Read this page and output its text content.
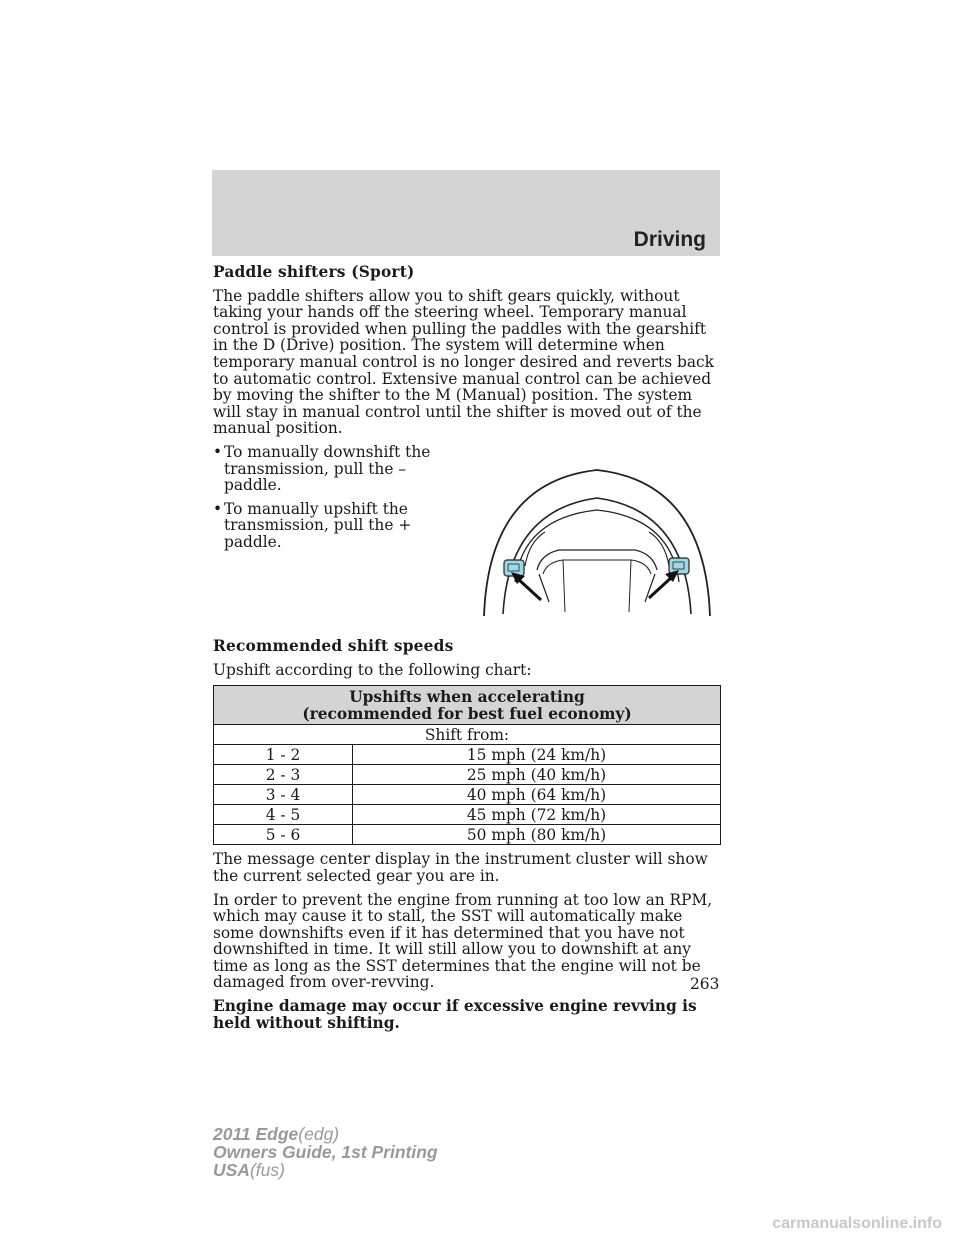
Driving
Paddle shifters (Sport)
The paddle shifters allow you to shift gears quickly, without taking your hands off the steering wheel. Temporary manual control is provided when pulling the paddles with the gearshift in the D (Drive) position. The system will determine when temporary manual control is no longer desired and reverts back to automatic control. Extensive manual control can be achieved by moving the shifter to the M (Manual) position. The system will stay in manual control until the shifter is moved out of the manual position.
• To manually downshift the transmission, pull the – paddle.
• To manually upshift the transmission, pull the + paddle.
Recommended shift speeds
Upshift according to the following chart:
Upshifts when accelerating
(recommended for best fuel economy)	

Shift from:	
1 - 2	15 mph (24 km/h)
2 - 3	25 mph (40 km/h)
3 - 4	40 mph (64 km/h)
4 - 5	45 mph (72 km/h)
5 - 6	50 mph (80 km/h)
The message center display in the instrument cluster will show the current selected gear you are in.
In order to prevent the engine from running at too low an RPM, which may cause it to stall, the SST will automatically make some downshifts even if it has determined that you have not downshifted in time. It will still allow you to downshift at any time as long as the SST determines that the engine will not be damaged from over-revving.
Engine damage may occur if excessive engine revving is held without shifting.
263
2011 Edge(edg)
Owners Guide, 1st Printing
USA(fus)
carmanualsonline.info
